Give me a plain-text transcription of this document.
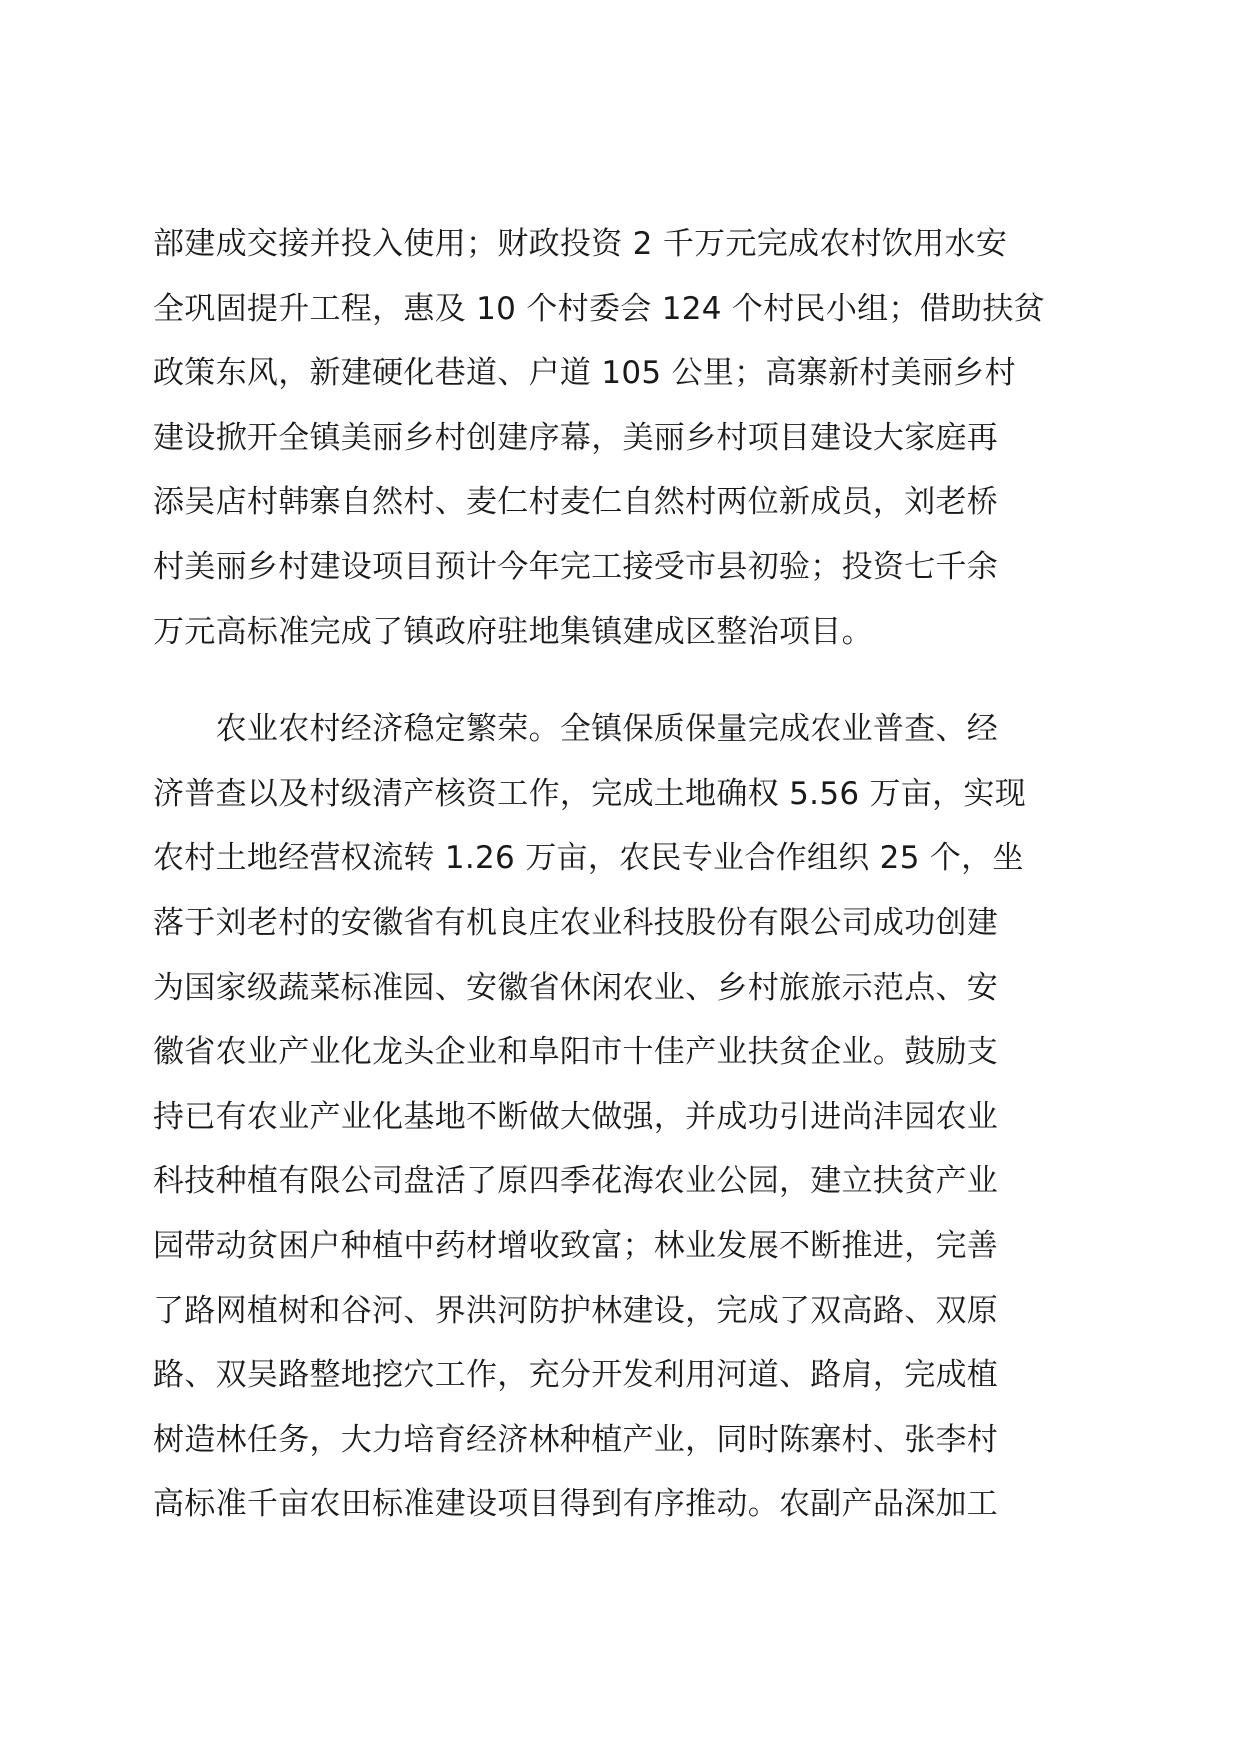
部建成交接并投入使用；财政投资 2 千万元完成农村饮用水安
全巩固提升工程，惠及 10 个村委会 124 个村民小组；借助扶贫
政策东风，新建硬化巷道、户道 105 公里；高寨新村美丽乡村
建设掀开全镇美丽乡村创建序幕，美丽乡村项目建设大家庭再
添吴店村韩寨自然村、麦仁村麦仁自然村两位新成员，刘老桥
村美丽乡村建设项目预计今年完工接受市县初验；投资七千余
万元高标准完成了镇政府驻地集镇建成区整治项目。
　　农业农村经济稳定繁荣。全镇保质保量完成农业普查、经
济普查以及村级清产核资工作，完成土地确权 5.56 万亩，实现
农村土地经营权流转 1.26 万亩，农民专业合作组织 25 个，坐
落于刘老村的安徽省有机良庄农业科技股份有限公司成功创建
为国家级蔬菜标准园、安徽省休闲农业、乡村旅旅示范点、安
徽省农业产业化龙头企业和阜阳市十佳产业扶贫企业。鼓励支
持已有农业产业化基地不断做大做强，并成功引进尚沣园农业
科技种植有限公司盘活了原四季花海农业公园，建立扶贫产业
园带动贫困户种植中药材增收致富；林业发展不断推进，完善
了路网植树和谷河、界洪河防护林建设，完成了双高路、双原
路、双吴路整地挖穴工作，充分开发利用河道、路肩，完成植
树造林任务，大力培育经济林种植产业，同时陈寨村、张李村
高标准千亩农田标准建设项目得到有序推动。农副产品深加工
